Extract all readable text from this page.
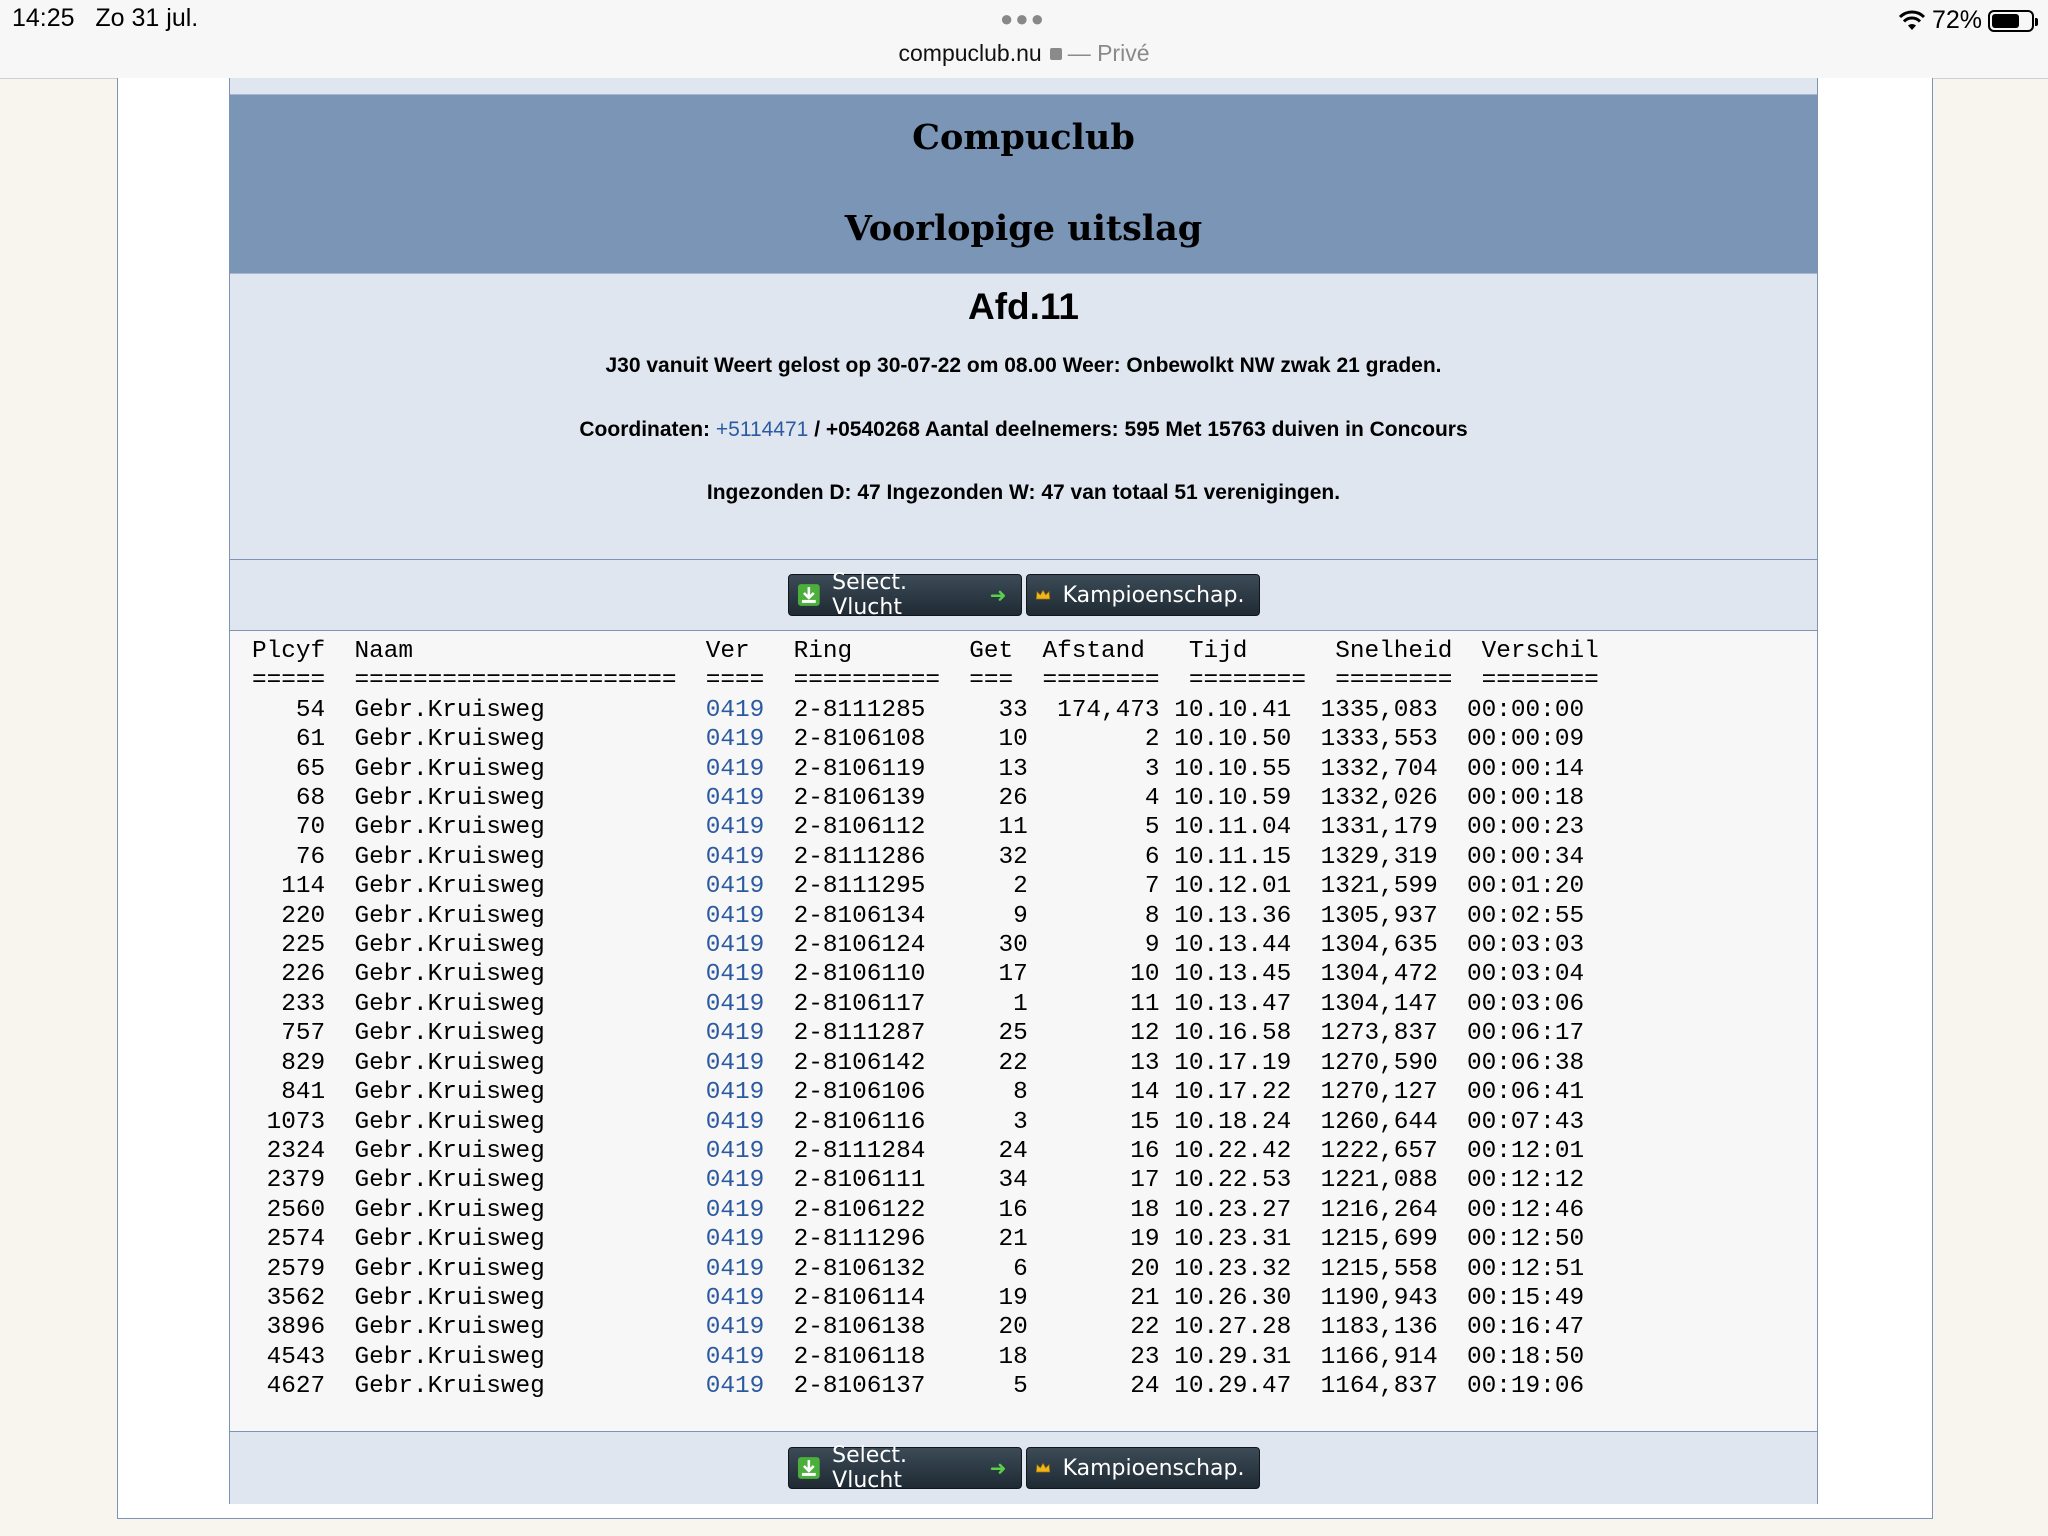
14:25 Zo 31 jul.	●●●
compuclub.nu — Privé
72%
Compuclub
Voorlopige uitslag
Afd.11
J30 vanuit Weert gelost op 30-07-22 om 08.00 Weer: Onbewolkt NW zwak 21 graden.
Coordinaten: +5114471 / +0540268 Aantal deelnemers: 595 Met 15763 duiven in Concours
Ingezonden D: 47 Ingezonden W: 47 van totaal 51 verenigingen.
Select. Vlucht	➜	Kampioenschap.
Plcyf Naam                    Ver   Ring        Get Afstand   Tijd      Snelheid Verschil
===== ====================== ==== ========== === ======== ======== ======== ========
54 Gebr.Kruisweg           0419 2-8111285     33  174,473 10.10.41 1335,083 00:00:00
61 Gebr.Kruisweg           0419 2-8106108     10        2 10.10.50 1333,553 00:00:09
65 Gebr.Kruisweg           0419 2-8106119     13        3 10.10.55 1332,704 00:00:14
68 Gebr.Kruisweg           0419 2-8106139     26        4 10.10.59 1332,026 00:00:18
70 Gebr.Kruisweg           0419 2-8106112     11        5 10.11.04 1331,179 00:00:23
76 Gebr.Kruisweg           0419 2-8111286     32        6 10.11.15 1329,319 00:00:34
114 Gebr.Kruisweg           0419 2-8111295      2        7 10.12.01 1321,599 00:01:20
220 Gebr.Kruisweg           0419 2-8106134      9        8 10.13.36 1305,937 00:02:55
225 Gebr.Kruisweg           0419 2-8106124     30        9 10.13.44 1304,635 00:03:03
226 Gebr.Kruisweg           0419 2-8106110     17       10 10.13.45 1304,472 00:03:04
233 Gebr.Kruisweg           0419 2-8106117      1       11 10.13.47 1304,147 00:03:06
757 Gebr.Kruisweg           0419 2-8111287     25       12 10.16.58 1273,837 00:06:17
829 Gebr.Kruisweg           0419 2-8106142     22       13 10.17.19 1270,590 00:06:38
841 Gebr.Kruisweg           0419 2-8106106      8       14 10.17.22 1270,127 00:06:41
1073 Gebr.Kruisweg           0419 2-8106116      3       15 10.18.24 1260,644 00:07:43
2324 Gebr.Kruisweg           0419 2-8111284     24       16 10.22.42 1222,657 00:12:01
2379 Gebr.Kruisweg           0419 2-8106111     34       17 10.22.53 1221,088 00:12:12
2560 Gebr.Kruisweg           0419 2-8106122     16       18 10.23.27 1216,264 00:12:46
2574 Gebr.Kruisweg           0419 2-8111296     21       19 10.23.31 1215,699 00:12:50
2579 Gebr.Kruisweg           0419 2-8106132      6       20 10.23.32 1215,558 00:12:51
3562 Gebr.Kruisweg           0419 2-8106114     19       21 10.26.30 1190,943 00:15:49
3896 Gebr.Kruisweg           0419 2-8106138     20       22 10.27.28 1183,136 00:16:47
4543 Gebr.Kruisweg           0419 2-8106118     18       23 10.29.31 1166,914 00:18:50
4627 Gebr.Kruisweg           0419 2-8106137      5       24 10.29.47 1164,837 00:19:06

Select. Vlucht	➜	Kampioenschap.
